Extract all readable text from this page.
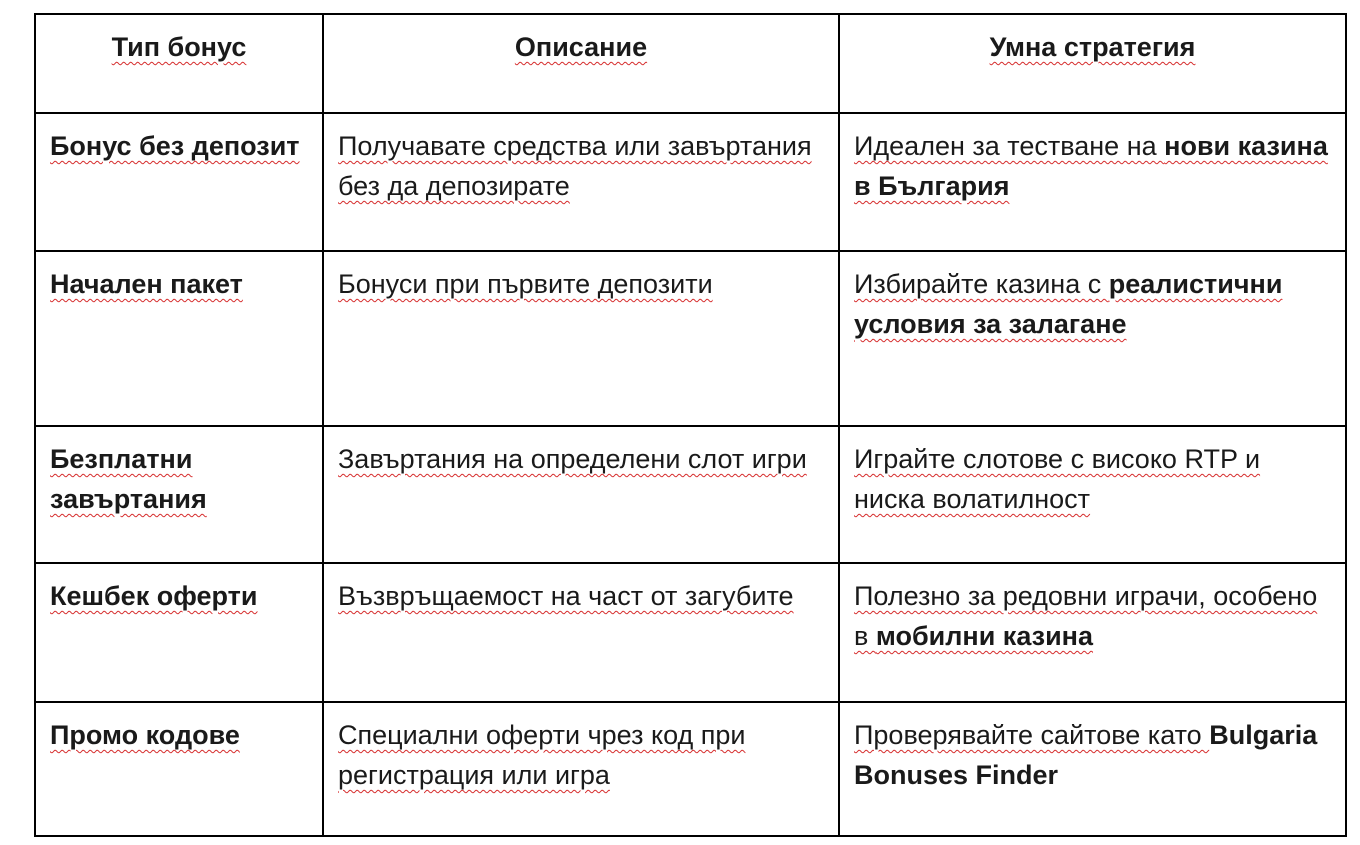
Тип бонус	Описание	Умна стратегия
Бонус без депозит	Получавате средства или завъртания без да депозирате	Идеален за тестване на нови казина в България
Начален пакет	Бонуси при първите депозити	Избирайте казина с реалистични условия за залагане
Безплатни завъртания	Завъртания на определени слот игри	Играйте слотове с високо RTP и ниска волатилност
Кешбек оферти	Възвръщаемост на част от загубите	Полезно за редовни играчи, особено в мобилни казина
Промо кодове	Специални оферти чрез код при регистрация или игра	Проверявайте сайтове като Bulgaria Bonuses Finder
